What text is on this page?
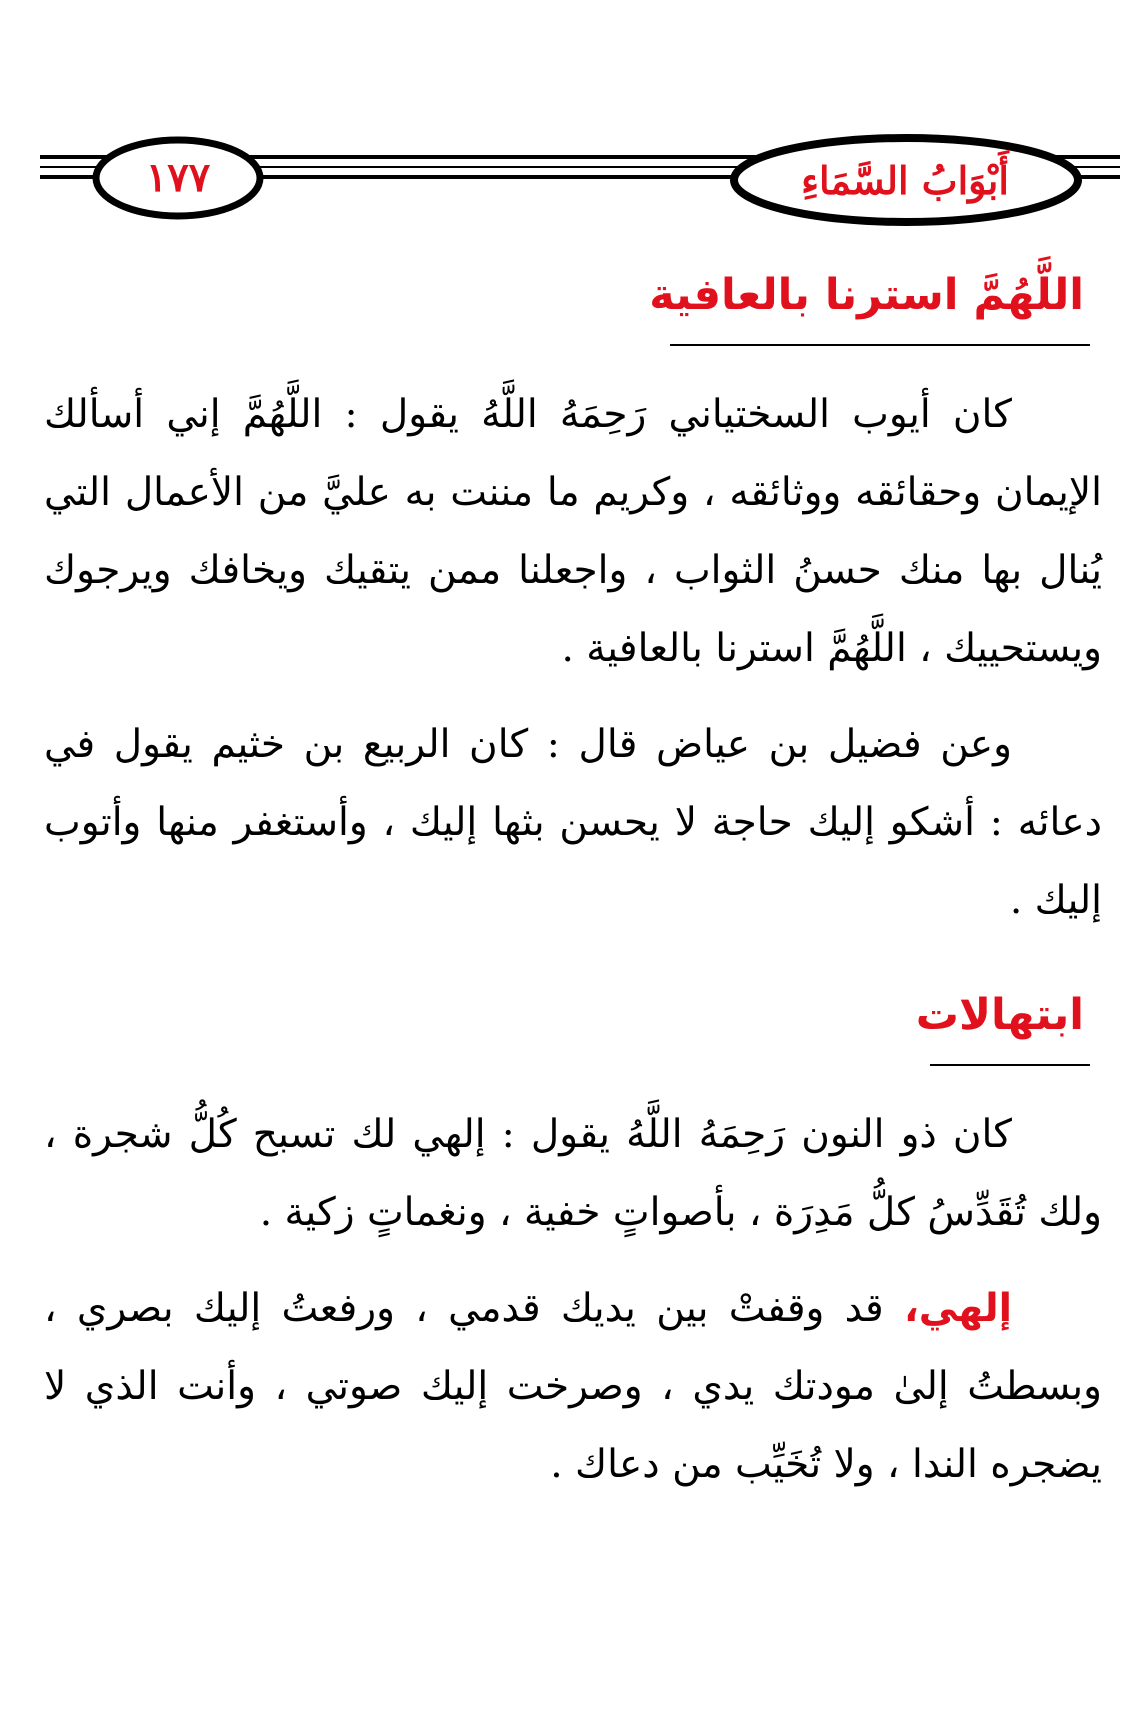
١٧٧	أَبْوَابُ السَّمَاءِ
اللَّهُمَّ استرنا بالعافية

كان أيوب السختياني رَحِمَهُ اللَّهُ يقول : اللَّهُمَّ إني أسألك الإيمان وحقائقه ووثائقه ، وكريم ما مننت به عليَّ من الأعمال التي يُنال بها منك حسنُ الثواب ، واجعلنا ممن يتقيك ويخافك ويرجوك ويستحييك ، اللَّهُمَّ استرنا بالعافية .

وعن فضيل بن عياض قال : كان الربيع بن خثيم يقول في دعائه : أشكو إليك حاجة لا يحسن بثها إليك ، وأستغفر منها وأتوب إليك .

ابتهالات

كان ذو النون رَحِمَهُ اللَّهُ يقول : إلهي لك تسبح كُلُّ شجرة ، ولك تُقَدِّسُ كلُّ مَدِرَة ، بأصواتٍ خفية ، ونغماتٍ زكية .

إلهي، قد وقفتْ بين يديك قدمي ، ورفعتُ إليك بصري ، وبسطتُ إلىٰ مودتك يدي ، وصرخت إليك صوتي ، وأنت الذي لا يضجره الندا ، ولا تُخَيِّب من دعاك .
